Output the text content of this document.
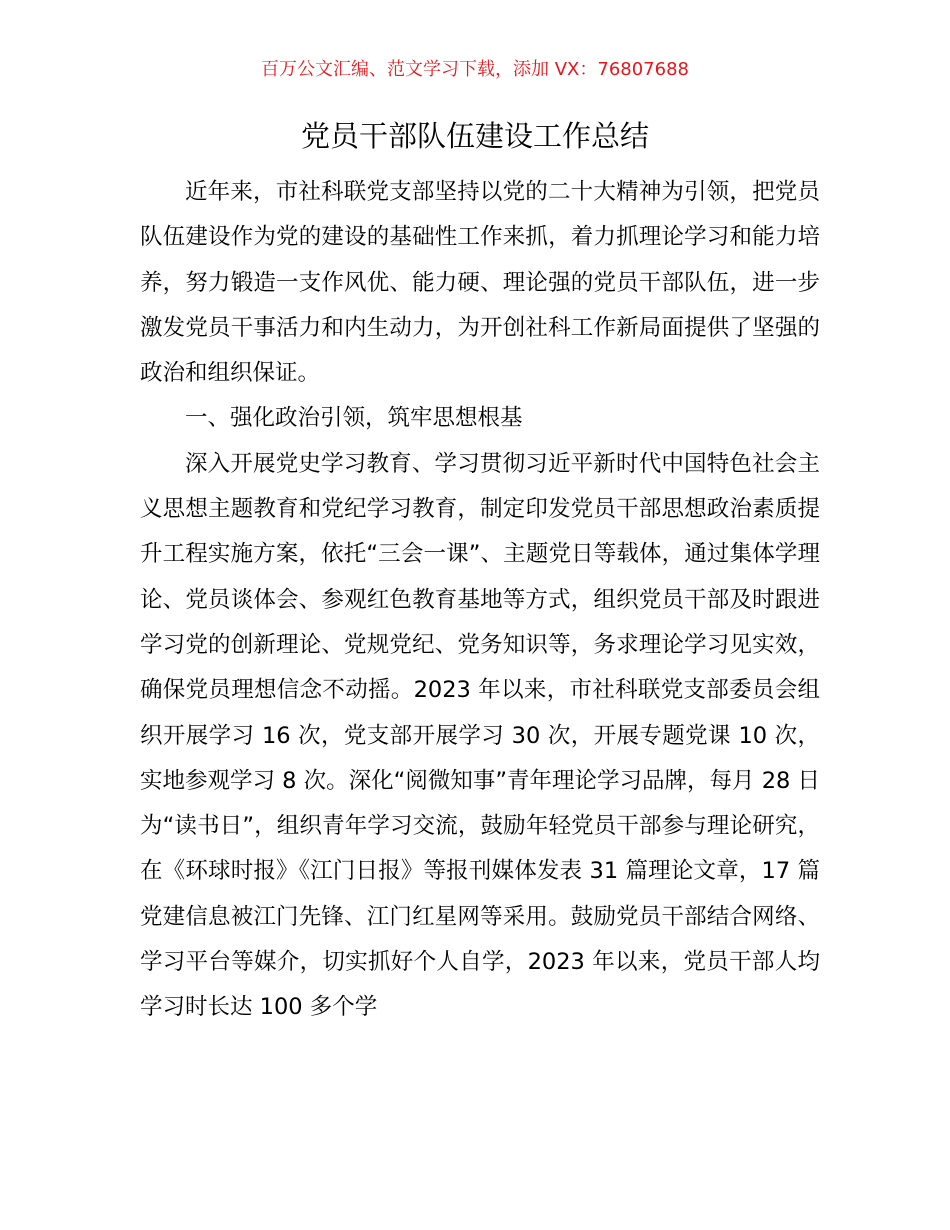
百万公文汇编、范文学习下载，添加 VX：76807688
党员干部队伍建设工作总结

近年来，市社科联党支部坚持以党的二十大精神为引领，把党员队伍建设作为党的建设的基础性工作来抓，着力抓理论学习和能力培养，努力锻造一支作风优、能力硬、理论强的党员干部队伍，进一步激发党员干事活力和内生动力，为开创社科工作新局面提供了坚强的政治和组织保证。

一、强化政治引领，筑牢思想根基

深入开展党史学习教育、学习贯彻习近平新时代中国特色社会主义思想主题教育和党纪学习教育，制定印发党员干部思想政治素质提升工程实施方案，依托“三会一课”、主题党日等载体，通过集体学理论、党员谈体会、参观红色教育基地等方式，组织党员干部及时跟进学习党的创新理论、党规党纪、党务知识等，务求理论学习见实效，确保党员理想信念不动摇。2023 年以来，市社科联党支部委员会组织开展学习 16 次，党支部开展学习 30 次，开展专题党课 10 次，实地参观学习 8 次。深化“阅微知事”青年理论学习品牌，每月 28 日为“读书日”，组织青年学习交流，鼓励年轻党员干部参与理论研究，在《环球时报》《江门日报》等报刊媒体发表 31 篇理论文章，17 篇党建信息被江门先锋、江门红星网等采用。鼓励党员干部结合网络、学习平台等媒介，切实抓好个人自学，2023 年以来，党员干部人均学习时长达 100 多个学
